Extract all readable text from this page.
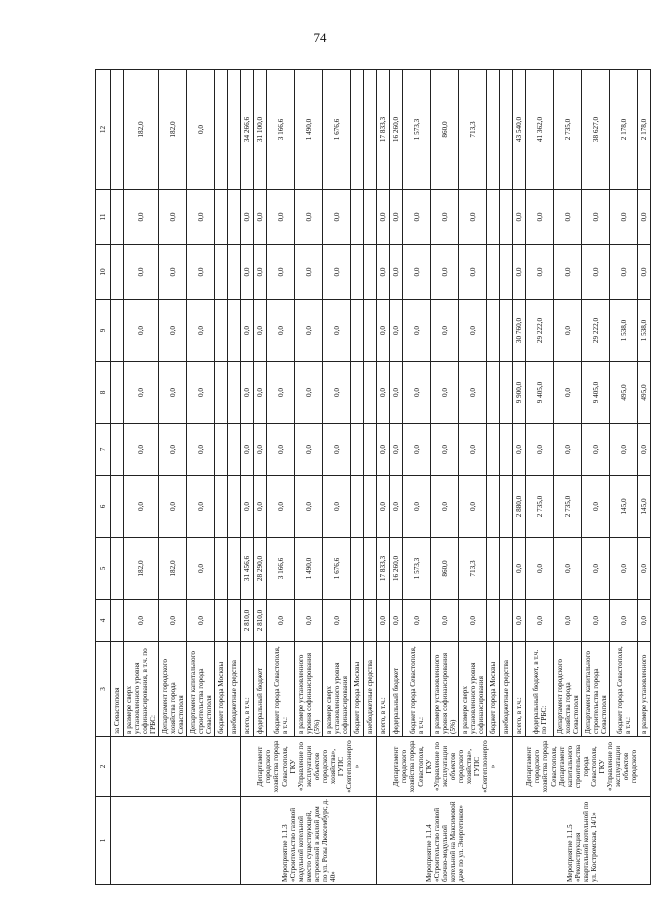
74
1	2	3	4	5	6	7	8	9	10	11	12
		за Севастополя									
		в размере сверх установленного уровня софинансирования, в т.ч. по ГРБС:	0,0	182,0	0,0	0,0	0,0	0,0	0,0	0,0	182,0
		Департамент городского хозяйства города Севастополя	0,0	182,0	0,0	0,0	0,0	0,0	0,0	0,0	182,0
		Департамент капитального строительства города Севастополя	0,0	0,0	0,0	0,0	0,0	0,0	0,0	0,0	0,0
		бюджет города Москвы									
		внебюджетные средства									
Мероприятие 1.1.3 «Строительство газовой модульной котельной вместо существующей, встроенной в жилой дом по ул. Розы Люксембург, д. 40»	Департамент городского хозяйства города Севастополя, ГКУ «Управление по эксплуатации объектов городского хозяйства», ГУПС «Севтеплоэнерго»	всего, в т.ч.:	2 810,0	31 456,6	0,0	0,0	0,0	0,0	0,0	0,0	34 266,6
		федеральный бюджет	2 810,0	28 290,0	0,0	0,0	0,0	0,0	0,0	0,0	31 100,0
		бюджет города Севастополя, в т.ч.:	0,0	3 166,6	0,0	0,0	0,0	0,0	0,0	0,0	3 166,6
		в размере установленного уровня софинансирования (5%)	0,0	1 490,0	0,0	0,0	0,0	0,0	0,0	0,0	1 490,0
		в размере сверх установленного уровня софинансирования	0,0	1 676,6	0,0	0,0	0,0	0,0	0,0	0,0	1 676,6
		бюджет города Москвы									
		внебюджетные средства									
Мероприятие 1.1.4 «Строительство газовой блочно-модульной котельной на Максимовой даче по ул. Энергетиков»	Департамент городского хозяйства города Севастополя, ГКУ «Управление по эксплуатации объектов городского хозяйства», ГУПС «Севтеплоэнерго»	всего, в т.ч.:	0,0	17 833,3	0,0	0,0	0,0	0,0	0,0	0,0	17 833,3
		федеральный бюджет	0,0	16 260,0	0,0	0,0	0,0	0,0	0,0	0,0	16 260,0
		бюджет города Севастополя, в т.ч.:	0,0	1 573,3	0,0	0,0	0,0	0,0	0,0	0,0	1 573,3
		в размере установленного уровня софинансирования (5%)	0,0	860,0	0,0	0,0	0,0	0,0	0,0	0,0	860,0
		в размере сверх установленного уровня софинансирования	0,0	713,3	0,0	0,0	0,0	0,0	0,0	0,0	713,3
		бюджет города Москвы									
		внебюджетные средства									
Мероприятие 1.1.5 «Реконструкция квартальной котельной по ул. Костромская, 14/1»	Департамент городского хозяйства города Севастополя, Департамент капитального строительства города Севастополя, ГКУ «Управление по эксплуатации объектов городского	всего, в т.ч.:	0,0	0,0	2 880,0	0,0	9 900,0	30 760,0	0,0	0,0	43 540,0
		федеральный бюджет, в т.ч. по ГРБС:	0,0	0,0	2 735,0	0,0	9 405,0	29 222,0	0,0	0,0	41 362,0
		Департамент городского хозяйства города Севастополя	0,0	0,0	2 735,0	0,0	0,0	0,0	0,0	0,0	2 735,0
		Департамент капитального строительства города Севастополя	0,0	0,0	0,0	0,0	9 405,0	29 222,0	0,0	0,0	38 627,0
		бюджет города Севастополя, в т.ч.:	0,0	0,0	145,0	0,0	495,0	1 538,0	0,0	0,0	2 178,0
		в размере установленного	0,0	0,0	145,0	0,0	495,0	1 538,0	0,0	0,0	2 178,0
